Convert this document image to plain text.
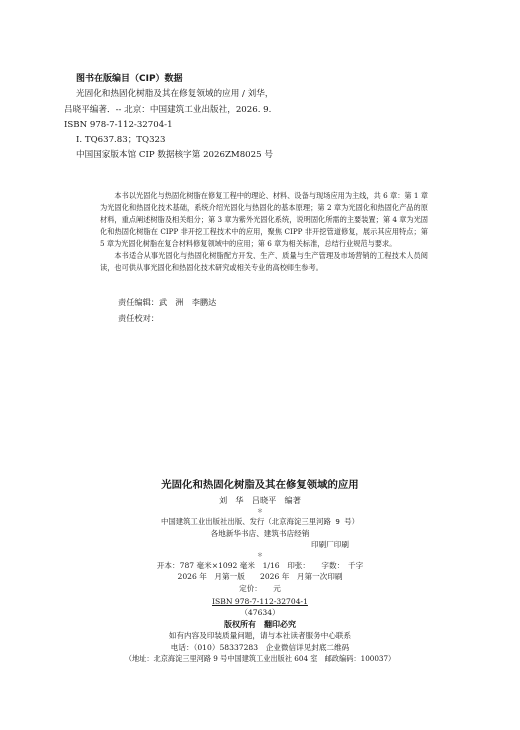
图书在版编目（CIP）数据
光固化和热固化树脂及其在修复领域的应用 / 刘华，
吕晓平编著．-- 北京：中国建筑工业出版社，2026. 9.
ISBN 978-7-112-32704-1
Ⅰ. TQ637.83；TQ323
中国国家版本馆 CIP 数据核字第 2026ZM8025 号

本书以光固化与热固化树脂在修复工程中的理论、材料、设备与现场应用为主线，共 6 章：第 1 章为光固化和热固化技术基础，系统介绍光固化与热固化的基本原理；第 2 章为光固化和热固化产品的原材料，重点阐述树脂及相关组分；第 3 章为紫外光固化系统，说明固化所需的主要装置；第 4 章为光固化和热固化树脂在 CIPP 非开挖工程技术中的应用，聚焦 CIPP 非开挖管道修复，展示其应用特点；第 5 章为光固化树脂在复合材料修复领域中的应用；第 6 章为相关标准，总结行业规范与要求。

本书适合从事光固化与热固化树脂配方开发、生产、质量与生产管理及市场营销的工程技术人员阅读，也可供从事光固化和热固化技术研究或相关专业的高校师生参考。

责任编辑：武　洲　李鹏达
责任校对：
光固化和热固化树脂及其在修复领域的应用
刘　华　吕晓平　编著
＊
中国建筑工业出版社出版、发行（北京海淀三里河路 9 号）
各地新华书店、建筑书店经销
印刷厂印刷
＊
开本：787 毫米×1092 毫米　1/16　印张：　　字数：　千字
2026 年　月第一版　　2026 年　月第一次印刷
定价：　　元
ISBN 978-7-112-32704-1
（47634）
版权所有　翻印必究
如有内容及印装质量问题，请与本社读者服务中心联系
电话：（010）58337283　企业微信详见封底二维码
（地址：北京海淀三里河路 9 号中国建筑工业出版社 604 室　邮政编码：100037）
